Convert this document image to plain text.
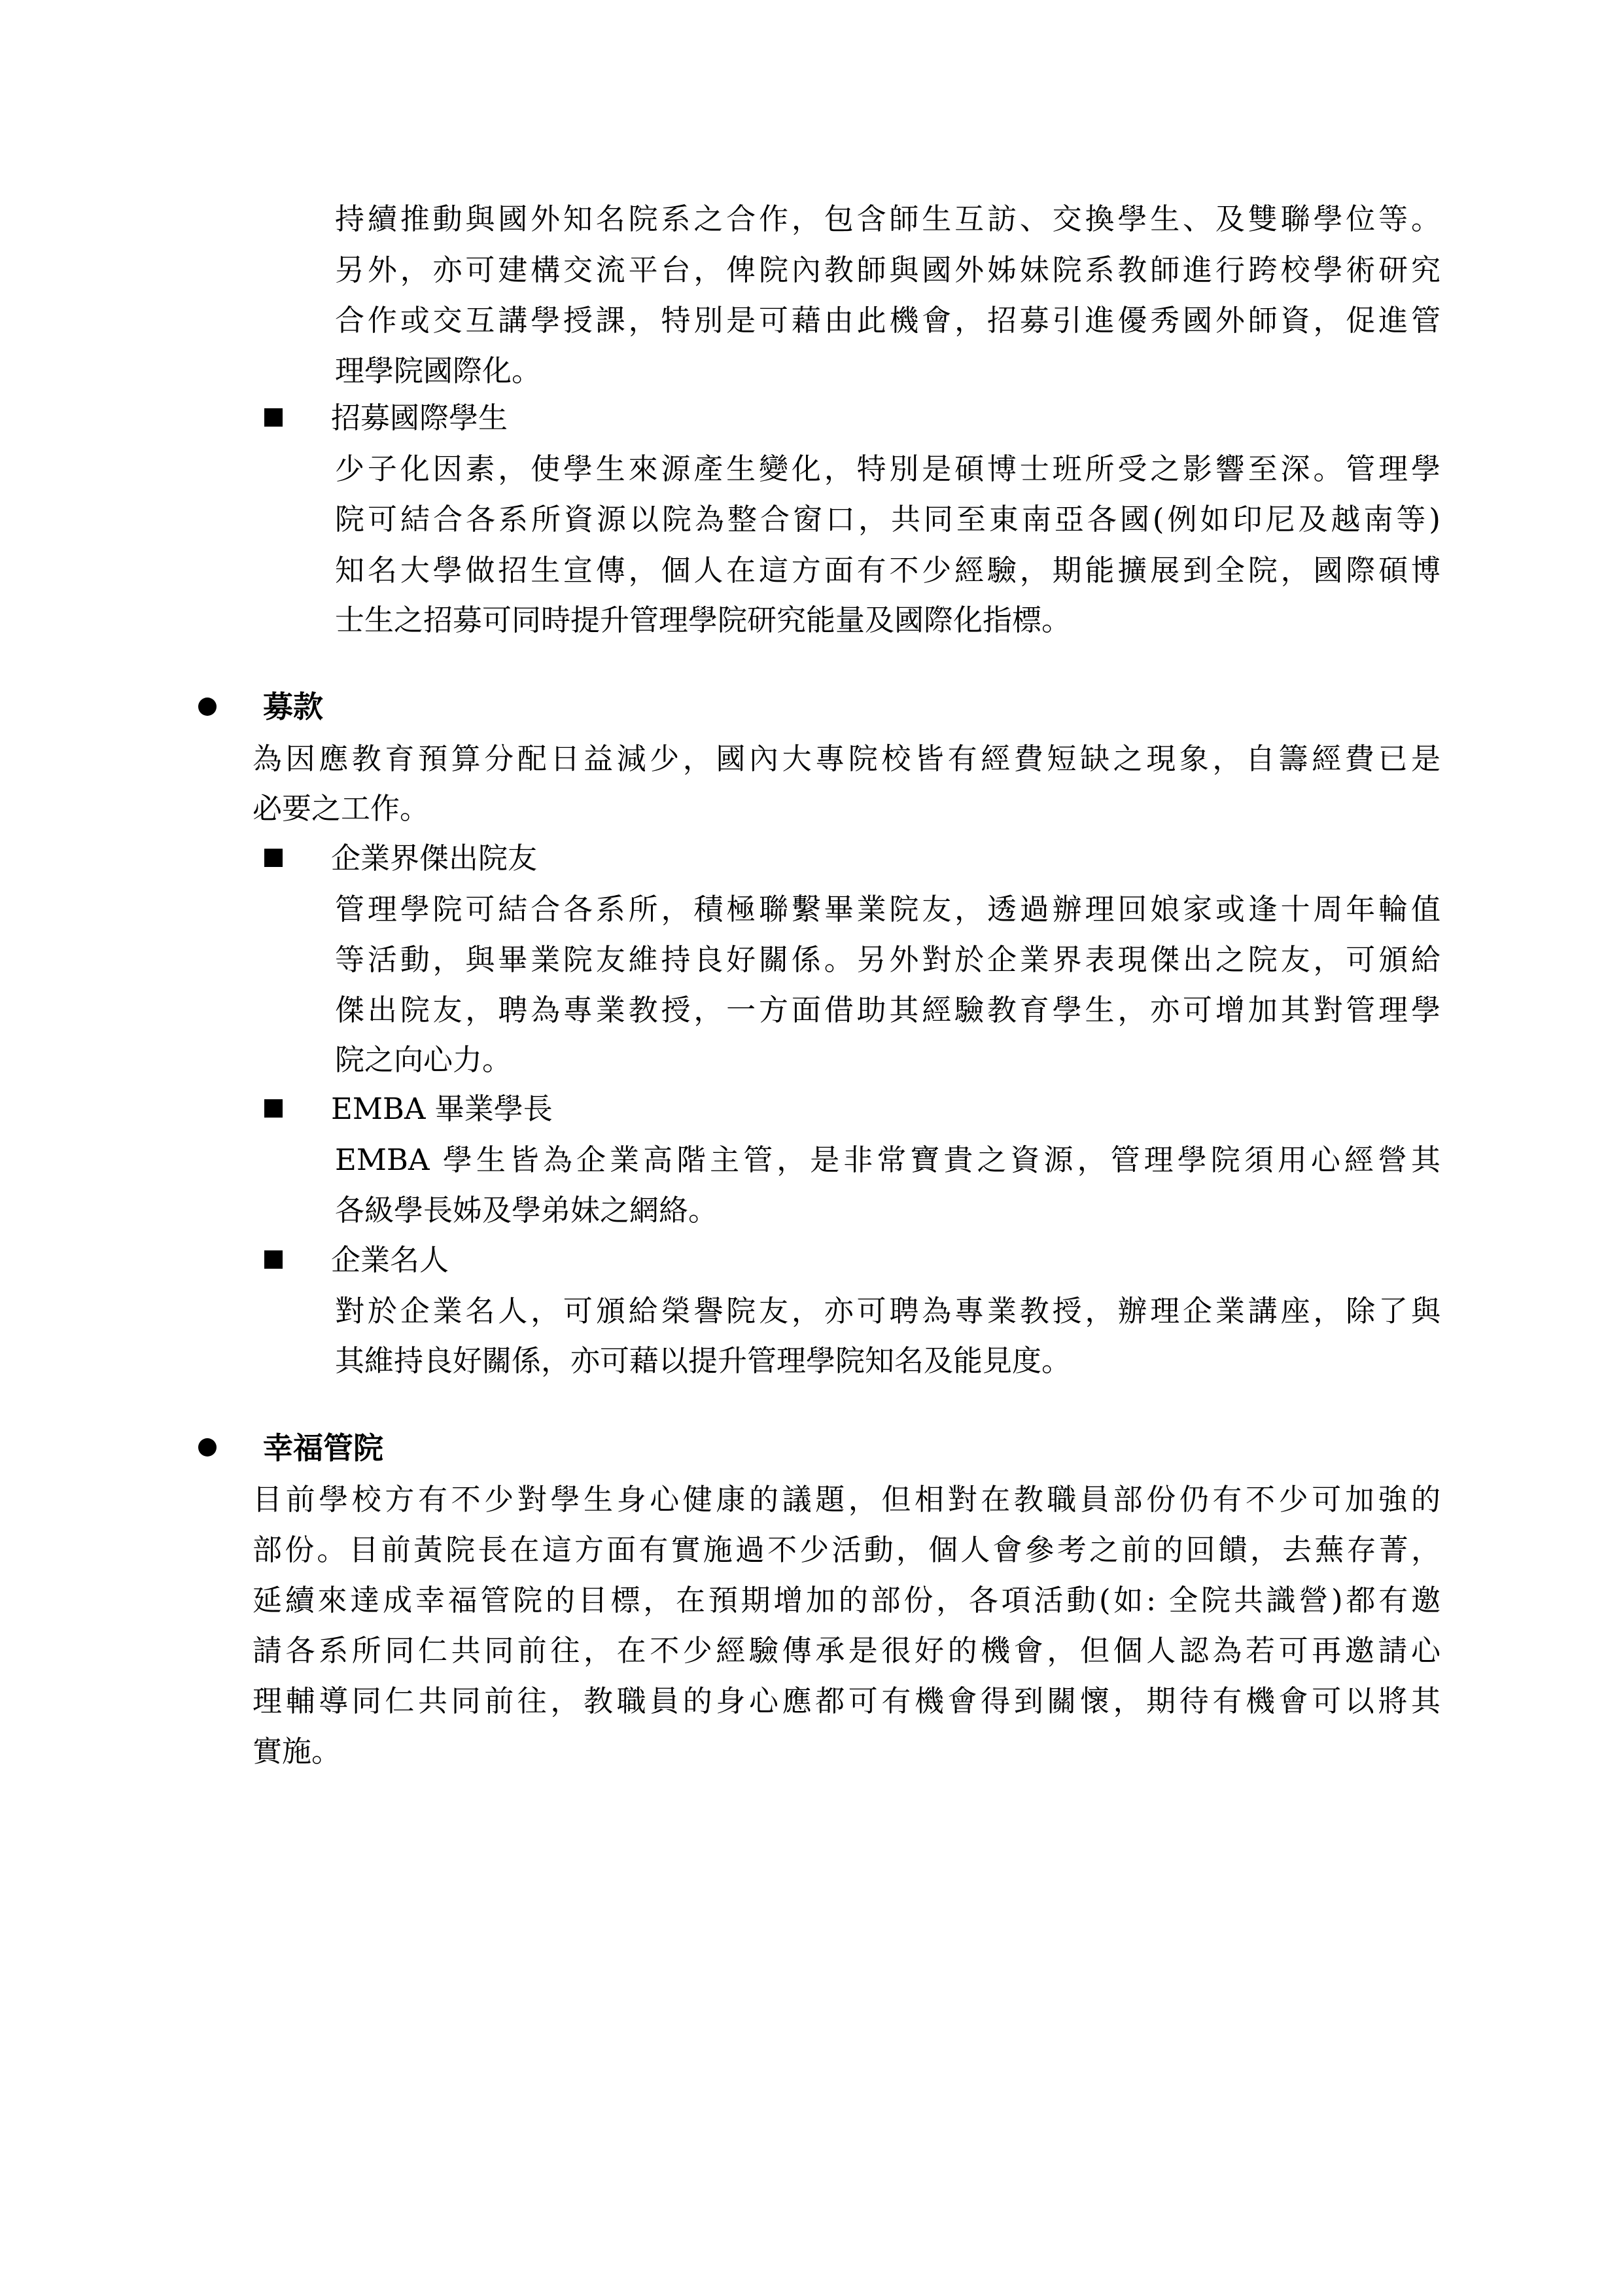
持續推動與國外知名院系之合作，包含師生互訪、交換學生、及雙聯學位等。
另外，亦可建構交流平台，俾院內教師與國外姊妹院系教師進行跨校學術研究
合作或交互講學授課，特別是可藉由此機會，招募引進優秀國外師資，促進管
理學院國際化。
招募國際學生
少子化因素，使學生來源產生變化，特別是碩博士班所受之影響至深。管理學
院可結合各系所資源以院為整合窗口，共同至東南亞各國(例如印尼及越南等)
知名大學做招生宣傳，個人在這方面有不少經驗，期能擴展到全院，國際碩博
士生之招募可同時提升管理學院研究能量及國際化指標。
募款
為因應教育預算分配日益減少，國內大專院校皆有經費短缺之現象，自籌經費已是
必要之工作。
企業界傑出院友
管理學院可結合各系所，積極聯繫畢業院友，透過辦理回娘家或逢十周年輪值
等活動，與畢業院友維持良好關係。另外對於企業界表現傑出之院友，可頒給
傑出院友，聘為專業教授，一方面借助其經驗教育學生，亦可增加其對管理學
院之向心力。
EMBA 畢業學長
EMBA 學生皆為企業高階主管，是非常寶貴之資源，管理學院須用心經營其
各級學長姊及學弟妹之網絡。
企業名人
對於企業名人，可頒給榮譽院友，亦可聘為專業教授，辦理企業講座，除了與
其維持良好關係，亦可藉以提升管理學院知名及能見度。
幸福管院
目前學校方有不少對學生身心健康的議題，但相對在教職員部份仍有不少可加強的
部份。目前黃院長在這方面有實施過不少活動，個人會參考之前的回饋，去蕪存菁，
延續來達成幸福管院的目標，在預期增加的部份，各項活動(如: 全院共識營)都有邀
請各系所同仁共同前往，在不少經驗傳承是很好的機會，但個人認為若可再邀請心
理輔導同仁共同前往，教職員的身心應都可有機會得到關懷，期待有機會可以將其
實施。
